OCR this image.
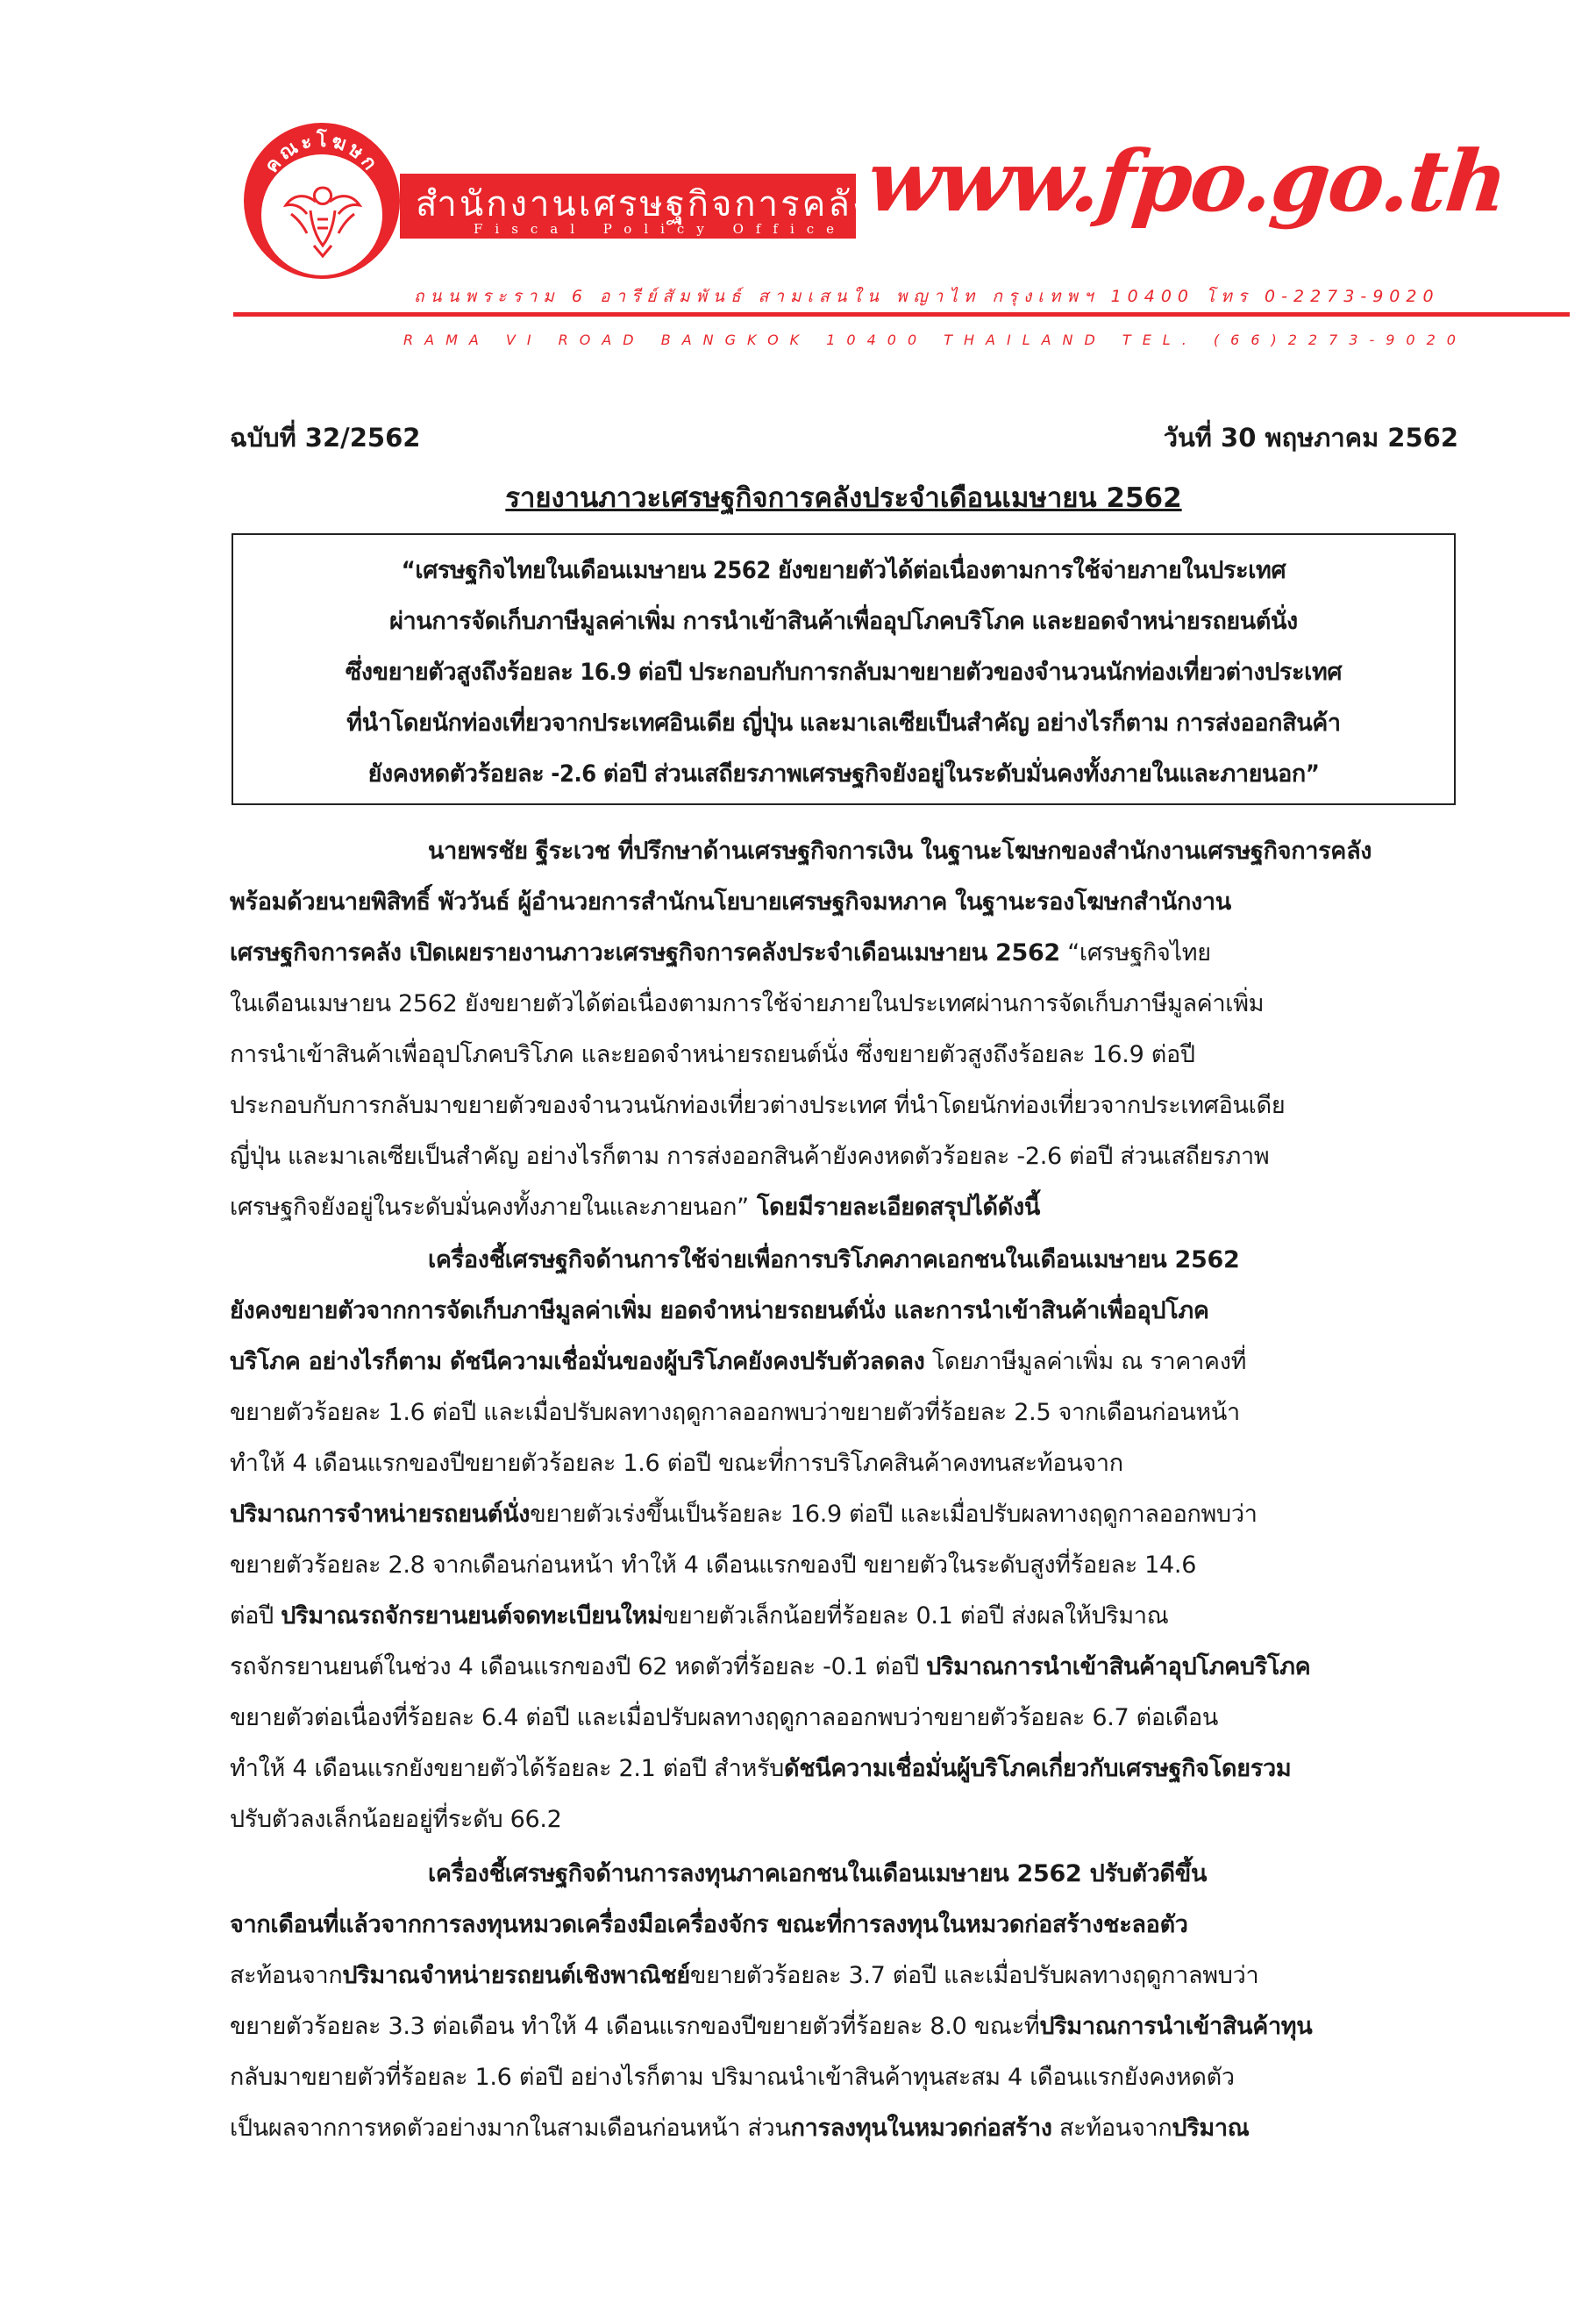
คณะโฆษก
สำนักงานเศรษฐกิจการคลัง
Fiscal Policy Office www.fpo.go.th
ถนนพระราม 6 อารีย์สัมพันธ์ สามเสนใน พญาไท กรุงเทพฯ 10400 โทร 0-2273-9020
RAMA VI ROAD BANGKOK 10400 THAILAND TEL. (66)2273-9020
ฉบับที่ 32/2562	วันที่ 30 พฤษภาคม 2562
รายงานภาวะเศรษฐกิจการคลังประจำเดือนเมษายน 2562
“เศรษฐกิจไทยในเดือนเมษายน 2562 ยังขยายตัวได้ต่อเนื่องตามการใช้จ่ายภายในประเทศ
ผ่านการจัดเก็บภาษีมูลค่าเพิ่ม การนำเข้าสินค้าเพื่ออุปโภคบริโภค และยอดจำหน่ายรถยนต์นั่ง
ซึ่งขยายตัวสูงถึงร้อยละ 16.9 ต่อปี ประกอบกับการกลับมาขยายตัวของจำนวนนักท่องเที่ยวต่างประเทศ
ที่นำโดยนักท่องเที่ยวจากประเทศอินเดีย ญี่ปุ่น และมาเลเซียเป็นสำคัญ อย่างไรก็ตาม การส่งออกสินค้า
ยังคงหดตัวร้อยละ -2.6 ต่อปี ส่วนเสถียรภาพเศรษฐกิจยังอยู่ในระดับมั่นคงทั้งภายในและภายนอก”
นายพรชัย ฐีระเวช ที่ปรึกษาด้านเศรษฐกิจการเงิน ในฐานะโฆษกของสำนักงานเศรษฐกิจการคลัง
พร้อมด้วยนายพิสิทธิ์ พัววันธ์ ผู้อำนวยการสำนักนโยบายเศรษฐกิจมหภาค ในฐานะรองโฆษกสำนักงาน
เศรษฐกิจการคลัง เปิดเผยรายงานภาวะเศรษฐกิจการคลังประจำเดือนเมษายน 2562 “เศรษฐกิจไทย
ในเดือนเมษายน 2562 ยังขยายตัวได้ต่อเนื่องตามการใช้จ่ายภายในประเทศผ่านการจัดเก็บภาษีมูลค่าเพิ่ม
การนำเข้าสินค้าเพื่ออุปโภคบริโภค และยอดจำหน่ายรถยนต์นั่ง ซึ่งขยายตัวสูงถึงร้อยละ 16.9 ต่อปี
ประกอบกับการกลับมาขยายตัวของจำนวนนักท่องเที่ยวต่างประเทศ ที่นำโดยนักท่องเที่ยวจากประเทศอินเดีย
ญี่ปุ่น และมาเลเซียเป็นสำคัญ อย่างไรก็ตาม การส่งออกสินค้ายังคงหดตัวร้อยละ -2.6 ต่อปี ส่วนเสถียรภาพ
เศรษฐกิจยังอยู่ในระดับมั่นคงทั้งภายในและภายนอก” โดยมีรายละเอียดสรุปได้ดังนี้
เครื่องชี้เศรษฐกิจด้านการใช้จ่ายเพื่อการบริโภคภาคเอกชนในเดือนเมษายน 2562
ยังคงขยายตัวจากการจัดเก็บภาษีมูลค่าเพิ่ม ยอดจำหน่ายรถยนต์นั่ง และการนำเข้าสินค้าเพื่ออุปโภค
บริโภค อย่างไรก็ตาม ดัชนีความเชื่อมั่นของผู้บริโภคยังคงปรับตัวลดลง โดยภาษีมูลค่าเพิ่ม ณ ราคาคงที่
ขยายตัวร้อยละ 1.6 ต่อปี และเมื่อปรับผลทางฤดูกาลออกพบว่าขยายตัวที่ร้อยละ 2.5 จากเดือนก่อนหน้า
ทำให้ 4 เดือนแรกของปีขยายตัวร้อยละ 1.6 ต่อปี ขณะที่การบริโภคสินค้าคงทนสะท้อนจาก
ปริมาณการจำหน่ายรถยนต์นั่งขยายตัวเร่งขึ้นเป็นร้อยละ 16.9 ต่อปี และเมื่อปรับผลทางฤดูกาลออกพบว่า
ขยายตัวร้อยละ 2.8 จากเดือนก่อนหน้า ทำให้ 4 เดือนแรกของปี ขยายตัวในระดับสูงที่ร้อยละ 14.6
ต่อปี ปริมาณรถจักรยานยนต์จดทะเบียนใหม่ขยายตัวเล็กน้อยที่ร้อยละ 0.1 ต่อปี ส่งผลให้ปริมาณ
รถจักรยานยนต์ในช่วง 4 เดือนแรกของปี 62 หดตัวที่ร้อยละ -0.1 ต่อปี ปริมาณการนำเข้าสินค้าอุปโภคบริโภค
ขยายตัวต่อเนื่องที่ร้อยละ 6.4 ต่อปี และเมื่อปรับผลทางฤดูกาลออกพบว่าขยายตัวร้อยละ 6.7 ต่อเดือน
ทำให้ 4 เดือนแรกยังขยายตัวได้ร้อยละ 2.1 ต่อปี สำหรับดัชนีความเชื่อมั่นผู้บริโภคเกี่ยวกับเศรษฐกิจโดยรวม
ปรับตัวลงเล็กน้อยอยู่ที่ระดับ 66.2
เครื่องชี้เศรษฐกิจด้านการลงทุนภาคเอกชนในเดือนเมษายน 2562 ปรับตัวดีขึ้น
จากเดือนที่แล้วจากการลงทุนหมวดเครื่องมือเครื่องจักร ขณะที่การลงทุนในหมวดก่อสร้างชะลอตัว
สะท้อนจากปริมาณจำหน่ายรถยนต์เชิงพาณิชย์ขยายตัวร้อยละ 3.7 ต่อปี และเมื่อปรับผลทางฤดูกาลพบว่า
ขยายตัวร้อยละ 3.3 ต่อเดือน ทำให้ 4 เดือนแรกของปีขยายตัวที่ร้อยละ 8.0 ขณะที่ปริมาณการนำเข้าสินค้าทุน
กลับมาขยายตัวที่ร้อยละ 1.6 ต่อปี อย่างไรก็ตาม ปริมาณนำเข้าสินค้าทุนสะสม 4 เดือนแรกยังคงหดตัว
เป็นผลจากการหดตัวอย่างมากในสามเดือนก่อนหน้า ส่วนการลงทุนในหมวดก่อสร้าง สะท้อนจากปริมาณ
